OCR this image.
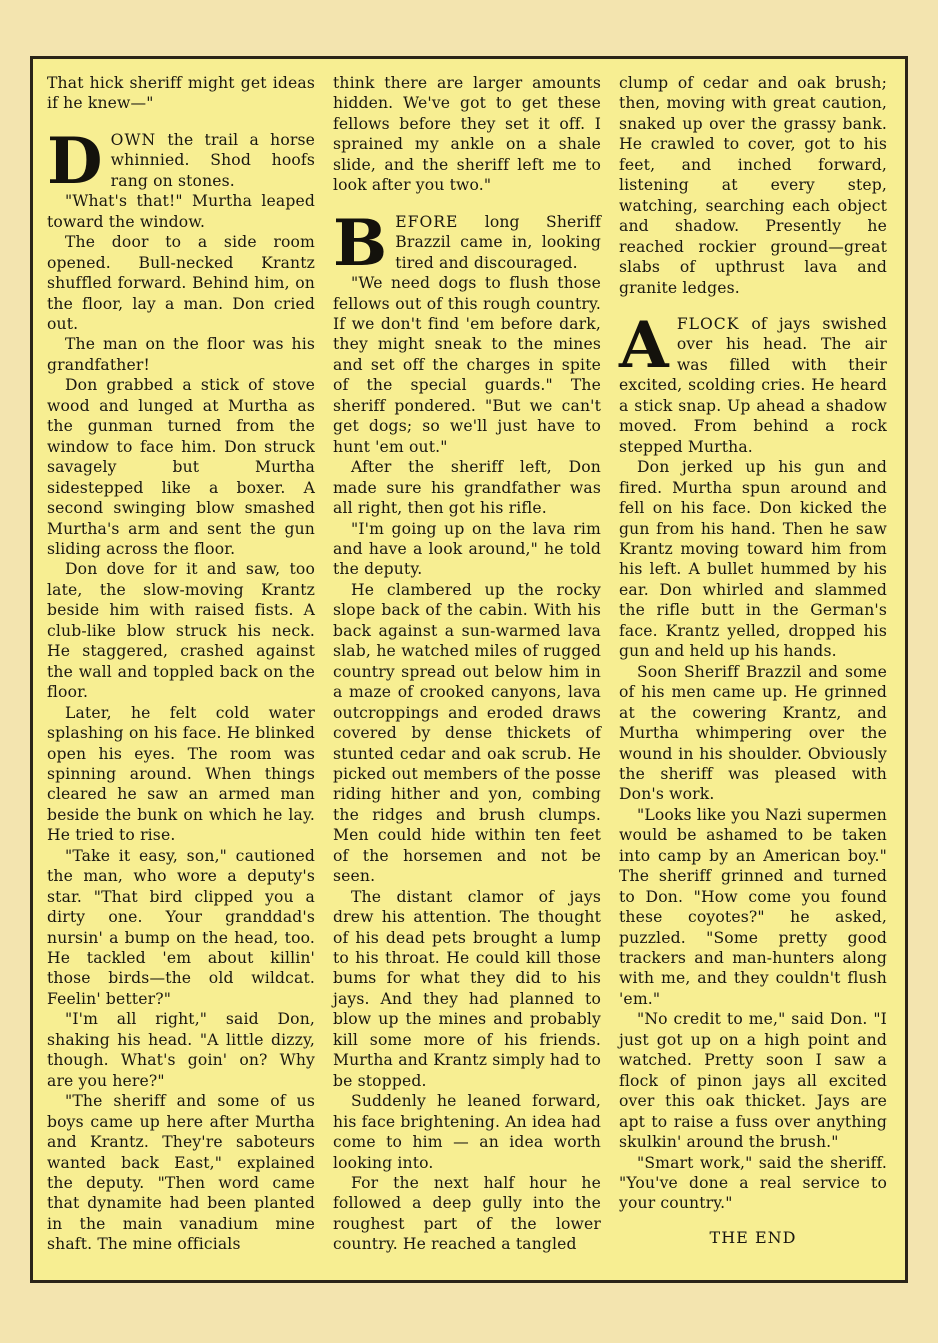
That hick sheriff might get ideas if he knew—"

DOWN the trail a horse whinnied. Shod hoofs rang on stones.

"What's that!" Murtha leaped toward the window.

The door to a side room opened. Bull-necked Krantz shuffled forward. Behind him, on the floor, lay a man. Don cried out.

The man on the floor was his grandfather!

Don grabbed a stick of stove wood and lunged at Murtha as the gunman turned from the window to face him. Don struck savagely but Murtha sidestepped like a boxer. A second swinging blow smashed Murtha's arm and sent the gun sliding across the floor.

Don dove for it and saw, too late, the slow-moving Krantz beside him with raised fists. A club-like blow struck his neck. He staggered, crashed against the wall and toppled back on the floor.

Later, he felt cold water splashing on his face. He blinked open his eyes. The room was spinning around. When things cleared he saw an armed man beside the bunk on which he lay. He tried to rise.

"Take it easy, son," cautioned the man, who wore a deputy's star. "That bird clipped you a dirty one. Your granddad's nursin' a bump on the head, too. He tackled 'em about killin' those birds—the old wildcat. Feelin' better?"

"I'm all right," said Don, shaking his head. "A little dizzy, though. What's goin' on? Why are you here?"

"The sheriff and some of us boys came up here after Murtha and Krantz. They're saboteurs wanted back East," explained the deputy. "Then word came that dynamite had been planted in the main vanadium mine shaft. The mine officials

think there are larger amounts hidden. We've got to get these fellows before they set it off. I sprained my ankle on a shale slide, and the sheriff left me to look after you two."

BEFORE long Sheriff Brazzil came in, looking tired and discouraged.

"We need dogs to flush those fellows out of this rough country. If we don't find 'em before dark, they might sneak to the mines and set off the charges in spite of the special guards." The sheriff pondered. "But we can't get dogs; so we'll just have to hunt 'em out."

After the sheriff left, Don made sure his grandfather was all right, then got his rifle.

"I'm going up on the lava rim and have a look around," he told the deputy.

He clambered up the rocky slope back of the cabin. With his back against a sun-warmed lava slab, he watched miles of rugged country spread out below him in a maze of crooked canyons, lava outcroppings and eroded draws covered by dense thickets of stunted cedar and oak scrub. He picked out members of the posse riding hither and yon, combing the ridges and brush clumps. Men could hide within ten feet of the horsemen and not be seen.

The distant clamor of jays drew his attention. The thought of his dead pets brought a lump to his throat. He could kill those bums for what they did to his jays. And they had planned to blow up the mines and probably kill some more of his friends. Murtha and Krantz simply had to be stopped.

Suddenly he leaned forward, his face brightening. An idea had come to him — an idea worth looking into.

For the next half hour he followed a deep gully into the roughest part of the lower country. He reached a tangled

clump of cedar and oak brush; then, moving with great caution, snaked up over the grassy bank. He crawled to cover, got to his feet, and inched forward, listening at every step, watching, searching each object and shadow. Presently he reached rockier ground—great slabs of upthrust lava and granite ledges.

AFLOCK of jays swished over his head. The air was filled with their excited, scolding cries. He heard a stick snap. Up ahead a shadow moved. From behind a rock stepped Murtha.

Don jerked up his gun and fired. Murtha spun around and fell on his face. Don kicked the gun from his hand. Then he saw Krantz moving toward him from his left. A bullet hummed by his ear. Don whirled and slammed the rifle butt in the German's face. Krantz yelled, dropped his gun and held up his hands.

Soon Sheriff Brazzil and some of his men came up. He grinned at the cowering Krantz, and Murtha whimpering over the wound in his shoulder. Obviously the sheriff was pleased with Don's work.

"Looks like you Nazi supermen would be ashamed to be taken into camp by an American boy." The sheriff grinned and turned to Don. "How come you found these coyotes?" he asked, puzzled. "Some pretty good trackers and man-hunters along with me, and they couldn't flush 'em."

"No credit to me," said Don. "I just got up on a high point and watched. Pretty soon I saw a flock of pinon jays all excited over this oak thicket. Jays are apt to raise a fuss over anything skulkin' around the brush."

"Smart work," said the sheriff. "You've done a real service to your country."

THE END
